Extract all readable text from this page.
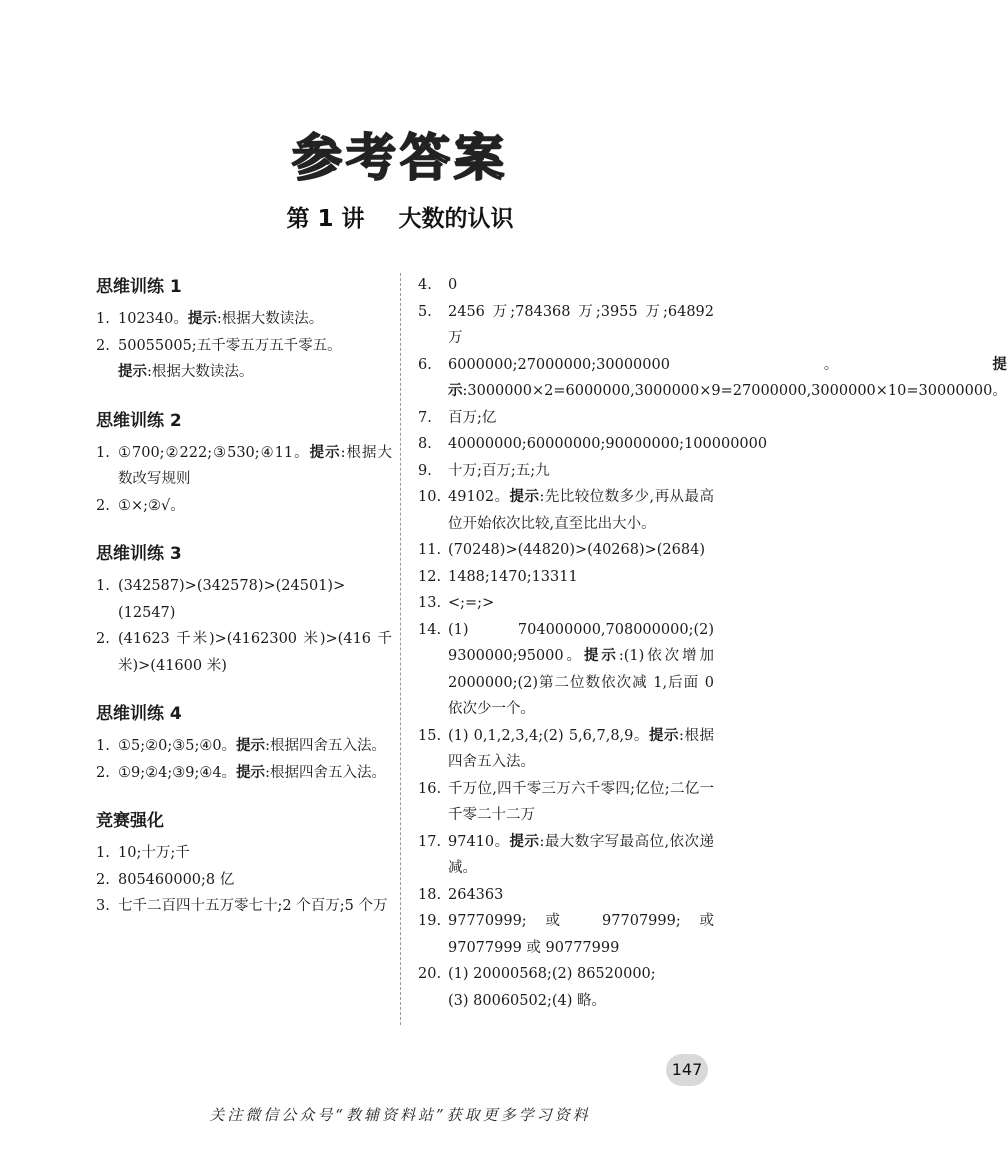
参考答案
第 1 讲 大数的认识
思维训练 1
1. 102340。提示:根据大数读法。
2. 50055005;五千零五万五千零五。
提示:根据大数读法。
思维训练 2
1. ①700;②222;③530;④11。提示:根据大数改写规则
2. ①×;②√。
思维训练 3
1. (342587)>(342578)>(24501)>(12547)
2. (41623 千米)>(4162300 米)>(416 千米)>(41600 米)
思维训练 4
1. ①5;②0;③5;④0。提示:根据四舍五入法。
2. ①9;②4;③9;④4。提示:根据四舍五入法。
竞赛强化
1. 10;十万;千
2. 805460000;8 亿
3. 七千二百四十五万零七十;2 个百万;5 个万
4.	0
5.	2456 万;784368 万;3955 万;64892 万
6.	6000000;27000000;30000000。提示:3000000×2=6000000,3000000×9=27000000,3000000×10=30000000。
7.	百万;亿
8.	40000000;60000000;90000000;100000000
9.	十万;百万;五;九
10. 49102。提示:先比较位数多少,再从最高位开始依次比较,直至比出大小。
11. (70248)>(44820)>(40268)>(2684)
12. 1488;1470;13311
13. <;=;>
14. (1) 704000000,708000000;(2) 9300000;95000。提示:(1)依次增加 2000000;(2)第二位数依次减 1,后面 0 依次少一个。
15. (1) 0,1,2,3,4;(2) 5,6,7,8,9。提示:根据四舍五入法。
16. 千万位,四千零三万六千零四;亿位;二亿一千零二十二万
17. 97410。提示:最大数字写最高位,依次递减。
18. 264363
19. 97770999;或 97707999;或 97077999 或 90777999
20. (1) 20000568;(2) 86520000;
(3) 80060502;(4) 略。
147
关注微信公众号“教辅资料站”获取更多学习资料
